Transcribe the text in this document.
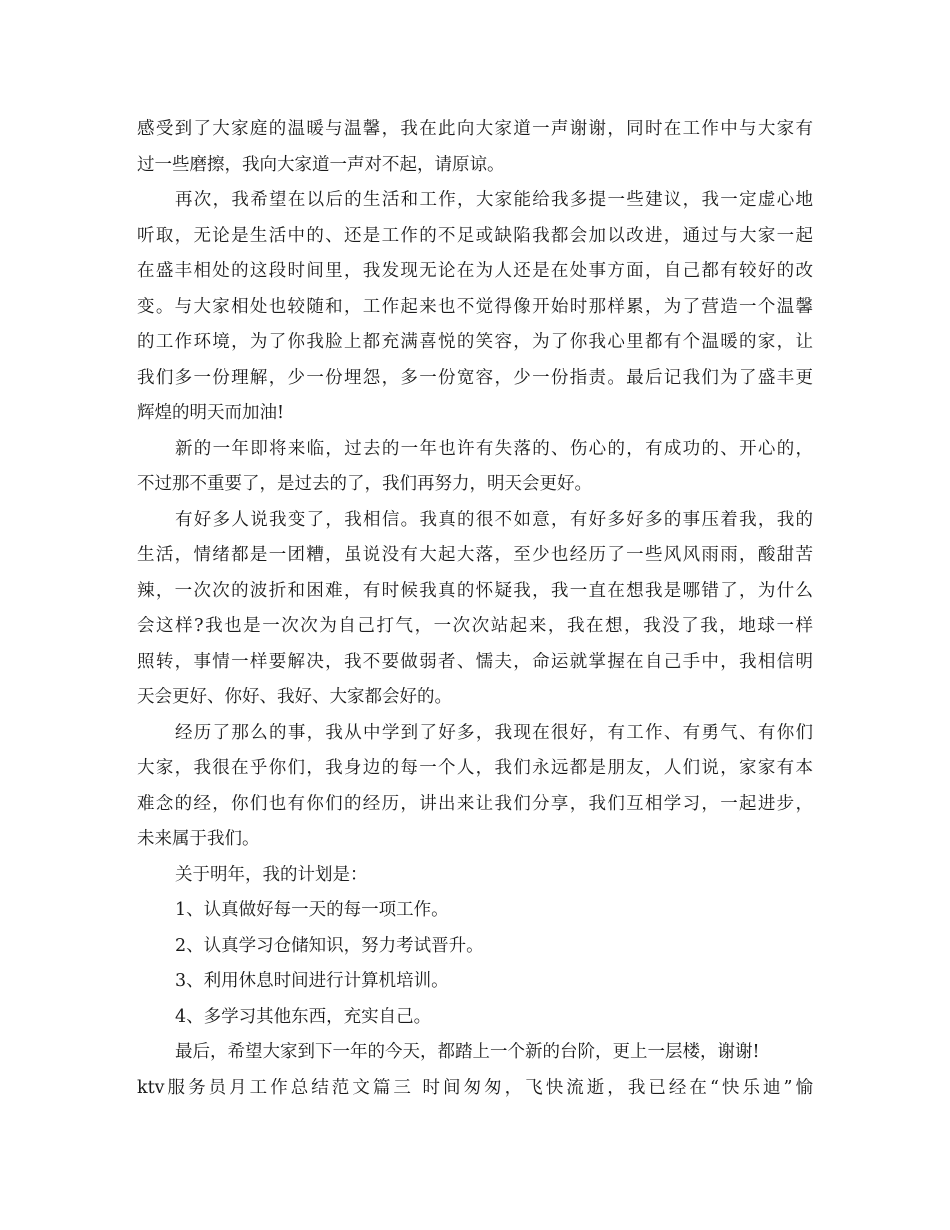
感受到了大家庭的温暖与温馨，我在此向大家道一声谢谢，同时在工作中与大家有
过一些磨擦，我向大家道一声对不起，请原谅。
再次，我希望在以后的生活和工作，大家能给我多提一些建议，我一定虚心地
听取，无论是生活中的、还是工作的不足或缺陷我都会加以改进，通过与大家一起
在盛丰相处的这段时间里，我发现无论在为人还是在处事方面，自己都有较好的改
变。与大家相处也较随和，工作起来也不觉得像开始时那样累，为了营造一个温馨
的工作环境，为了你我脸上都充满喜悦的笑容，为了你我心里都有个温暖的家，让
我们多一份理解，少一份埋怨，多一份宽容，少一份指责。最后记我们为了盛丰更
辉煌的明天而加油!
新的一年即将来临，过去的一年也许有失落的、伤心的，有成功的、开心的，
不过那不重要了，是过去的了，我们再努力，明天会更好。
有好多人说我变了，我相信。我真的很不如意，有好多好多的事压着我，我的
生活，情绪都是一团糟，虽说没有大起大落，至少也经历了一些风风雨雨，酸甜苦
辣，一次次的波折和困难，有时候我真的怀疑我，我一直在想我是哪错了，为什么
会这样?我也是一次次为自己打气，一次次站起来，我在想，我没了我，地球一样
照转，事情一样要解决，我不要做弱者、懦夫，命运就掌握在自己手中，我相信明
天会更好、你好、我好、大家都会好的。
经历了那么的事，我从中学到了好多，我现在很好，有工作、有勇气、有你们
大家，我很在乎你们，我身边的每一个人，我们永远都是朋友，人们说，家家有本
难念的经，你们也有你们的经历，讲出来让我们分享，我们互相学习，一起进步，
未来属于我们。
关于明年，我的计划是：
1、认真做好每一天的每一项工作。
2、认真学习仓储知识，努力考试晋升。
3、利用休息时间进行计算机培训。
4、多学习其他东西，充实自己。
最后，希望大家到下一年的今天，都踏上一个新的台阶，更上一层楼，谢谢!
ktv服务员月工作总结范文篇三 时间匆匆，飞快流逝，我已经在“快乐迪”愉
